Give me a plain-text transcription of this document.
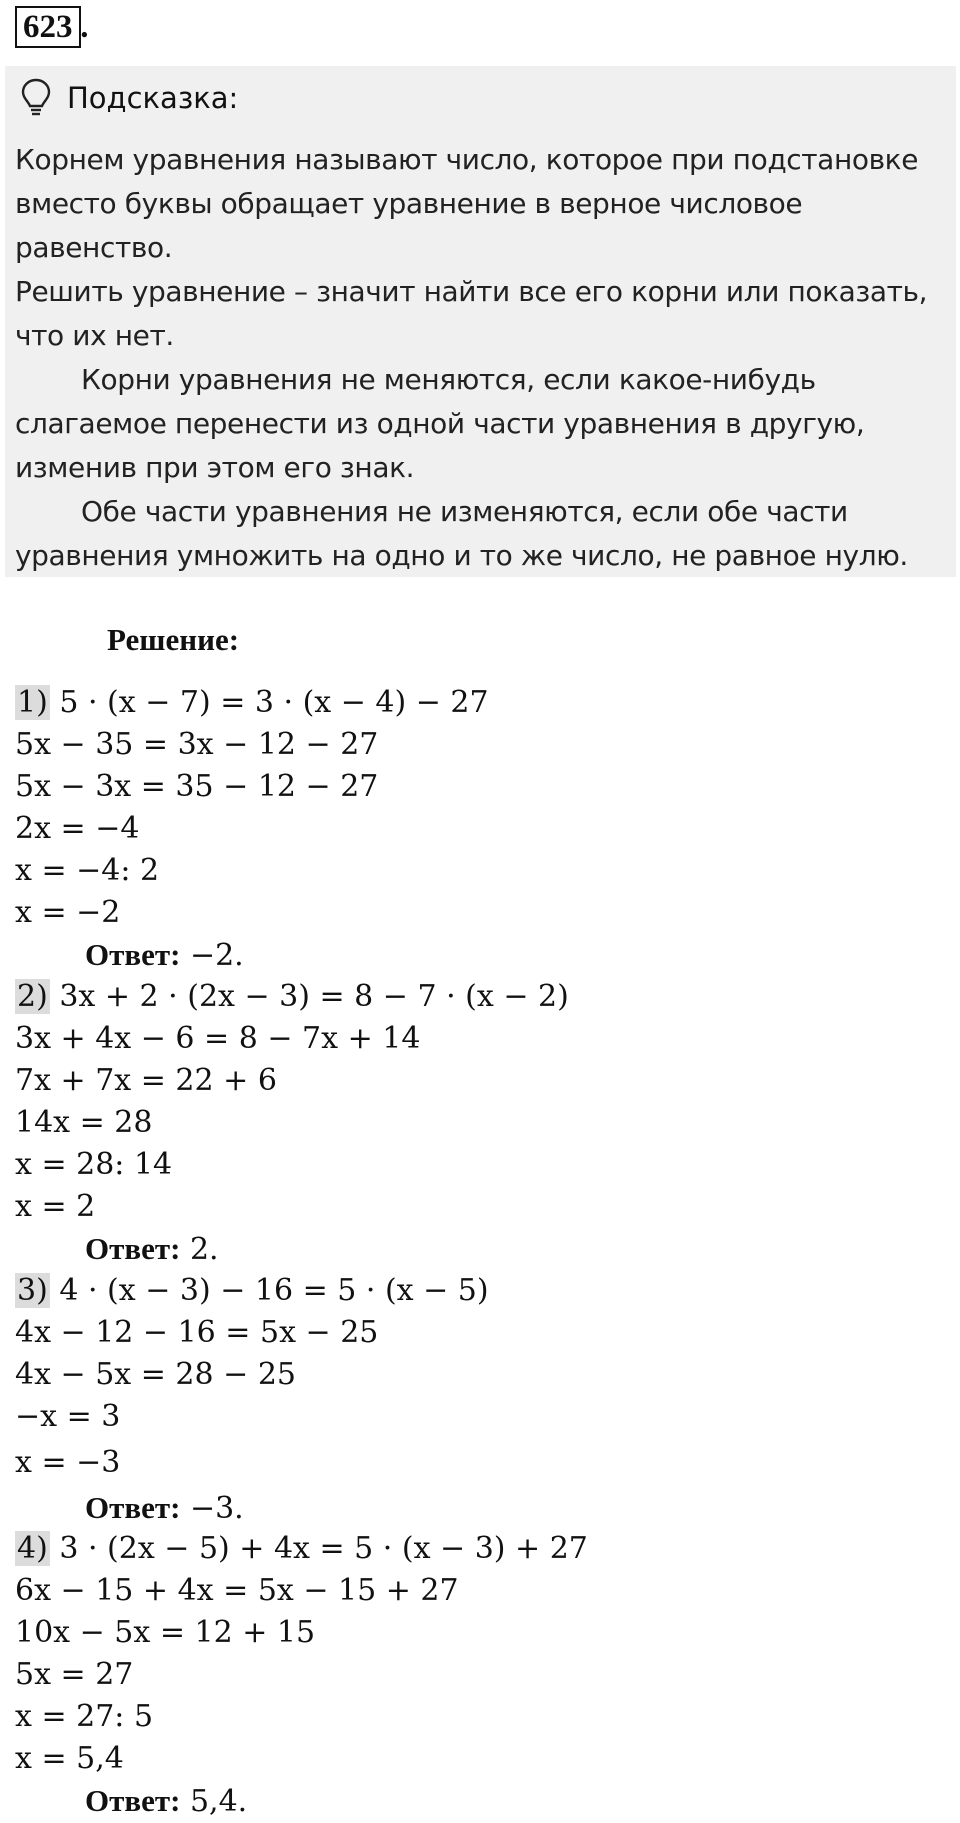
623 .
Подсказка:

Корнем уравнения называют число, которое при подстановке вместо буквы обращает уравнение в верное числовое равенство.

Решить уравнение – значит найти все его корни или показать, что их нет.

Корни уравнения не меняются, если какое-нибудь слагаемое перенести из одной части уравнения в другую, изменив при этом его знак.

Обе части уравнения не изменяются, если обе части уравнения умножить на одно и то же число, не равное нулю.

Решение:
1) 5 · (x − 7) = 3 · (x − 4) − 27
5x − 35 = 3x − 12 − 27
5x − 3x = 35 − 12 − 27
2x = −4
x = −4: 2
x = −2
Ответ: −2.
2) 3x + 2 · (2x − 3) = 8 − 7 · (x − 2)
3x + 4x − 6 = 8 − 7x + 14
7x + 7x = 22 + 6
14x = 28
x = 28: 14
x = 2
Ответ: 2.
3) 4 · (x − 3) − 16 = 5 · (x − 5)
4x − 12 − 16 = 5x − 25
4x − 5x = 28 − 25
−x = 3
x = −3
Ответ: −3.
4) 3 · (2x − 5) + 4x = 5 · (x − 3) + 27
6x − 15 + 4x = 5x − 15 + 27
10x − 5x = 12 + 15
5x = 27
x = 27: 5
x = 5,4
Ответ: 5,4.
